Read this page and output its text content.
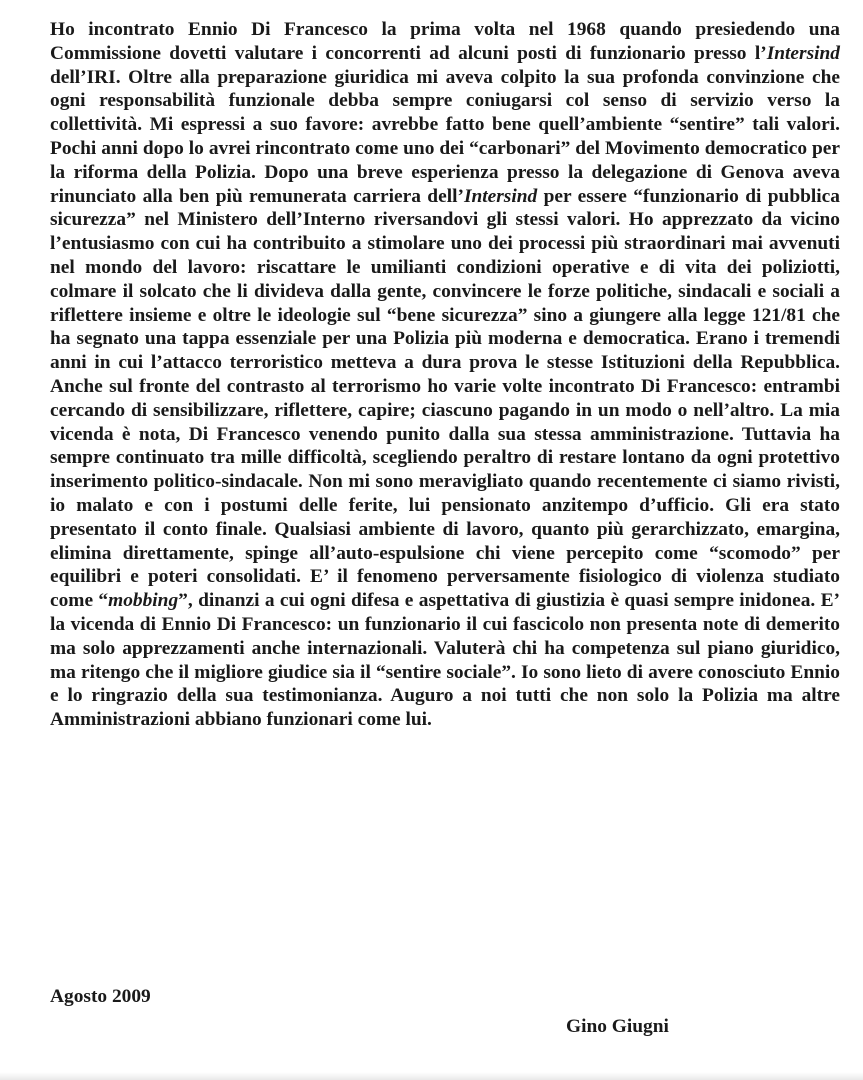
Ho incontrato Ennio Di Francesco la prima volta nel 1968 quando presiedendo una Commissione dovetti valutare i concorrenti ad alcuni posti di funzionario presso l’Intersind dell’IRI. Oltre alla preparazione giuridica mi aveva colpito la sua profonda convinzione che ogni responsabilità funzionale debba sempre coniugarsi col senso di servizio verso la collettività. Mi espressi a suo favore: avrebbe fatto bene quell’ambiente “sentire” tali valori. Pochi anni dopo lo avrei rincontrato come uno dei “carbonari” del Movimento democratico per la riforma della Polizia. Dopo una breve esperienza presso la delegazione di Genova aveva rinunciato alla ben più remunerata carriera dell’Intersind per essere “funzionario di pubblica sicurezza” nel Ministero dell’Interno riversandovi gli stessi valori. Ho apprezzato da vicino l’entusiasmo con cui ha contribuito a stimolare uno dei processi più straordinari mai avvenuti nel mondo del lavoro: riscattare le umilianti condizioni operative e di vita dei poliziotti, colmare il solcato che li divideva dalla gente, convincere le forze politiche, sindacali e sociali a riflettere insieme e oltre le ideologie sul “bene sicurezza” sino a giungere alla legge 121/81 che ha segnato una tappa essenziale per una Polizia più moderna e democratica. Erano i tremendi anni in cui l’attacco terroristico metteva a dura prova le stesse Istituzioni della Repubblica. Anche sul fronte del contrasto al terrorismo ho varie volte incontrato Di Francesco: entrambi cercando di sensibilizzare, riflettere, capire; ciascuno pagando in un modo o nell’altro. La mia vicenda è nota, Di Francesco venendo punito dalla sua stessa amministrazione. Tuttavia ha sempre continuato tra mille difficoltà, scegliendo peraltro di restare lontano da ogni protettivo inserimento politico-sindacale. Non mi sono meravigliato quando recentemente ci siamo rivisti, io malato e con i postumi delle ferite, lui pensionato anzitempo d’ufficio. Gli era stato presentato il conto finale. Qualsiasi ambiente di lavoro, quanto più gerarchizzato, emargina, elimina direttamente, spinge all’auto-espulsione chi viene percepito come “scomodo” per equilibri e poteri consolidati. E’ il fenomeno perversamente fisiologico di violenza studiato come “mobbing”, dinanzi a cui ogni difesa e aspettativa di giustizia è quasi sempre inidonea. E’ la vicenda di Ennio Di Francesco: un funzionario il cui fascicolo non presenta note di demerito ma solo apprezzamenti anche internazionali. Valuterà chi ha competenza sul piano giuridico, ma ritengo che il migliore giudice sia il “sentire sociale”. Io sono lieto di avere conosciuto Ennio e lo ringrazio della sua testimonianza. Auguro a noi tutti che non solo la Polizia ma altre Amministrazioni abbiano funzionari come lui.

Agosto 2009

Gino Giugni
